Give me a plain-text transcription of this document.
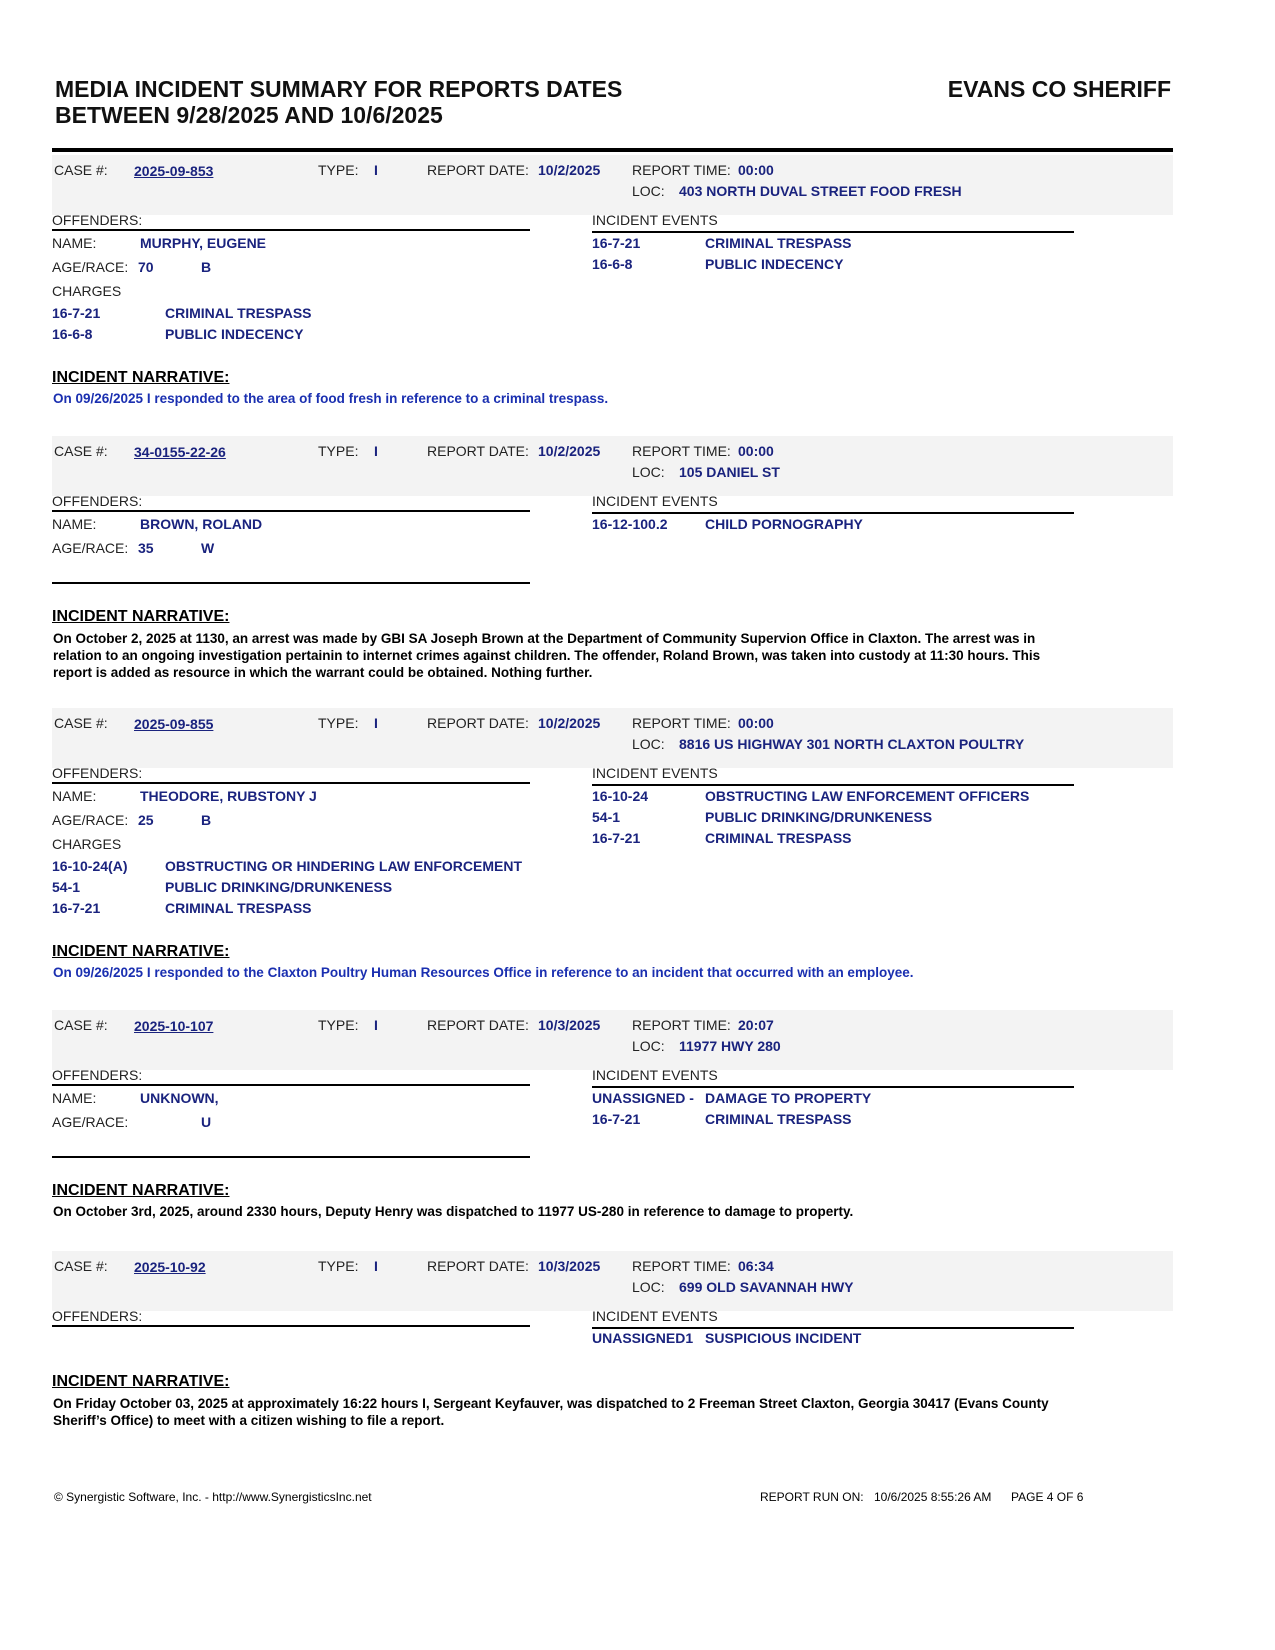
MEDIA INCIDENT SUMMARY FOR REPORTS DATES
BETWEEN 9/28/2025 AND 10/6/2025
EVANS CO SHERIFF
CASE #: 2025-09-853	TYPE: I	REPORT DATE: 10/2/2025 REPORT TIME: 00:00
LOC: 403 NORTH DUVAL STREET FOOD FRESH
OFFENDERS:	INCIDENT EVENTS
NAME:	MURPHY, EUGENE
AGE/RACE: 70	B
CHARGES
16-7-21	CRIMINAL TRESPASS
16-6-8	PUBLIC INDECENCY
16-7-21	CRIMINAL TRESPASS
16-6-8	PUBLIC INDECENCY
INCIDENT NARRATIVE:
On 09/26/2025 I responded to the area of food fresh in reference to a criminal trespass.
CASE #: 34-0155-22-26	TYPE: I	REPORT DATE: 10/2/2025 REPORT TIME: 00:00
LOC: 105 DANIEL ST
OFFENDERS:	INCIDENT EVENTS
NAME:	BROWN, ROLAND
AGE/RACE: 35	W
16-12-100.2	CHILD PORNOGRAPHY
INCIDENT NARRATIVE:
On October 2, 2025 at 1130, an arrest was made by GBI SA Joseph Brown at the Department of Community Supervion Office in Claxton. The arrest was in
relation to an ongoing investigation pertainin to internet crimes against children. The offender, Roland Brown, was taken into custody at 11:30 hours. This
report is added as resource in which the warrant could be obtained. Nothing further.
CASE #: 2025-09-855	TYPE: I	REPORT DATE: 10/2/2025 REPORT TIME: 00:00
LOC: 8816 US HIGHWAY 301 NORTH CLAXTON POULTRY
OFFENDERS:	INCIDENT EVENTS
NAME:	THEODORE, RUBSTONY J
AGE/RACE: 25	B
CHARGES
16-10-24(A)	OBSTRUCTING OR HINDERING LAW ENFORCEMENT
54-1	PUBLIC DRINKING/DRUNKENESS
16-7-21	CRIMINAL TRESPASS
16-10-24	OBSTRUCTING LAW ENFORCEMENT OFFICERS
54-1	PUBLIC DRINKING/DRUNKENESS
16-7-21	CRIMINAL TRESPASS
INCIDENT NARRATIVE:
On 09/26/2025 I responded to the Claxton Poultry Human Resources Office in reference to an incident that occurred with an employee.
CASE #: 2025-10-107	TYPE: I	REPORT DATE: 10/3/2025 REPORT TIME: 20:07
LOC: 11977 HWY 280
OFFENDERS:	INCIDENT EVENTS
NAME:	UNKNOWN,
AGE/RACE:	U
UNASSIGNED - DAMAGE TO PROPERTY
16-7-21	CRIMINAL TRESPASS
INCIDENT NARRATIVE:
On October 3rd, 2025, around 2330 hours, Deputy Henry was dispatched to 11977 US-280 in reference to damage to property.
CASE #: 2025-10-92	TYPE: I	REPORT DATE: 10/3/2025 REPORT TIME: 06:34
LOC: 699 OLD SAVANNAH HWY
OFFENDERS:	INCIDENT EVENTS
UNASSIGNED1 SUSPICIOUS INCIDENT
INCIDENT NARRATIVE:
On Friday October 03, 2025 at approximately 16:22 hours I, Sergeant Keyfauver, was dispatched to 2 Freeman Street Claxton, Georgia 30417 (Evans County
Sheriff’s Office) to meet with a citizen wishing to file a report.
© Synergistic Software, Inc. - http://www.SynergisticsInc.net	REPORT RUN ON: 10/6/2025 8:55:26 AM PAGE 4 OF 6
